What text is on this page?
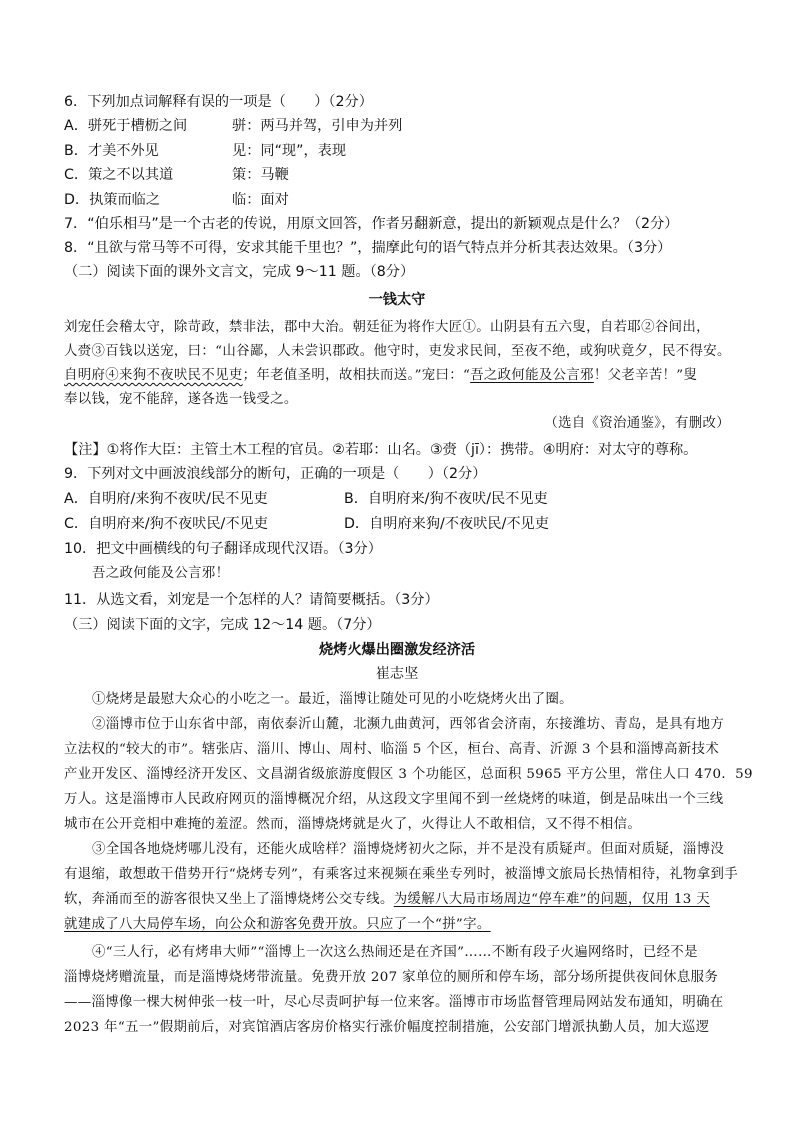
6．下列加点词解释有误的一项是（　　）（2分）
A．骈死于槽枥之间	骈：两马并驾，引申为并列
B．才美不外见	见：同“现”，表现
C．策之不以其道	策：马鞭
D．执策而临之	临：面对
7．“伯乐相马”是一个古老的传说，用原文回答，作者另翻新意，提出的新颖观点是什么？（2分）
8．“且欲与常马等不可得，安求其能千里也？”，揣摩此句的语气特点并分析其表达效果。（3分）
（二）阅读下面的课外文言文，完成 9～11 题。（8分）
一钱太守
刘宠任会稽太守，除苛政，禁非法，郡中大治。朝廷征为将作大匠①。山阴县有五六叟，自若耶②谷间出，
人赍③百钱以送宠，曰：“山谷鄙，人未尝识郡政。他守时，吏发求民间，至夜不绝，或狗吠竟夕，民不得安。
自明府④来狗不夜吠民不见吏；年老值圣明，故相扶而送。”宠曰：“吾之政何能及公言邪！父老辛苦！”叟
奉以钱，宠不能辞，遂各选一钱受之。
（选自《资治通鉴》，有删改）
【注】①将作大臣：主管土木工程的官员。②若耶：山名。③赍（jī）：携带。④明府：对太守的尊称。
9．下列对文中画波浪线部分的断句，正确的一项是（　　）（2分）
A．自明府/来狗不夜吠/民不见吏	B．自明府来/狗不夜吠/民不见吏
C．自明府来/狗不夜吠民/不见吏	D．自明府来狗/不夜吠民/不见吏
10．把文中画横线的句子翻译成现代汉语。（3分）
吾之政何能及公言邪！
11．从选文看，刘宠是一个怎样的人？请简要概括。（3分）
（三）阅读下面的文字，完成 12～14 题。（7分）
烧烤火爆出圈激发经济活
崔志坚
①烧烤是最慰大众心的小吃之一。最近，淄博让随处可见的小吃烧烤火出了圈。
②淄博市位于山东省中部，南依泰沂山麓，北濒九曲黄河，西邻省会济南，东接潍坊、青岛，是具有地方
立法权的“较大的市”。辖张店、淄川、博山、周村、临淄 5 个区，桓台、高青、沂源 3 个县和淄博高新技术
产业开发区、淄博经济开发区、文昌湖省级旅游度假区 3 个功能区，总面积 5965 平方公里，常住人口 470．59
万人。这是淄博市人民政府网页的淄博概况介绍，从这段文字里闻不到一丝烧烤的味道，倒是品味出一个三线
城市在公开竞相中难掩的羞涩。然而，淄博烧烤就是火了，火得让人不敢相信，又不得不相信。
③全国各地烧烤哪儿没有，还能火成啥样？淄博烧烤初火之际，并不是没有质疑声。但面对质疑，淄博没
有退缩，敢想敢干借势开行“烧烤专列”，有乘客过来视频在乘坐专列时，被淄博文旅局长热情相待，礼物拿到手
软，奔涌而至的游客很快又坐上了淄博烧烤公交专线。为缓解八大局市场周边“停车难”的问题，仅用 13 天
就建成了八大局停车场，向公众和游客免费开放。只应了一个“拼”字。
④“三人行，必有烤串大师”“淄博上一次这么热闹还是在齐国”……不断有段子火遍网络时，已经不是
淄博烧烤赠流量，而是淄博烧烤带流量。免费开放 207 家单位的厕所和停车场，部分场所提供夜间休息服务
——淄博像一棵大树伸张一枝一叶，尽心尽责呵护每一位来客。淄博市市场监督管理局网站发布通知，明确在
2023 年“五一”假期前后，对宾馆酒店客房价格实行涨价幅度控制措施，公安部门增派执勤人员，加大巡逻
